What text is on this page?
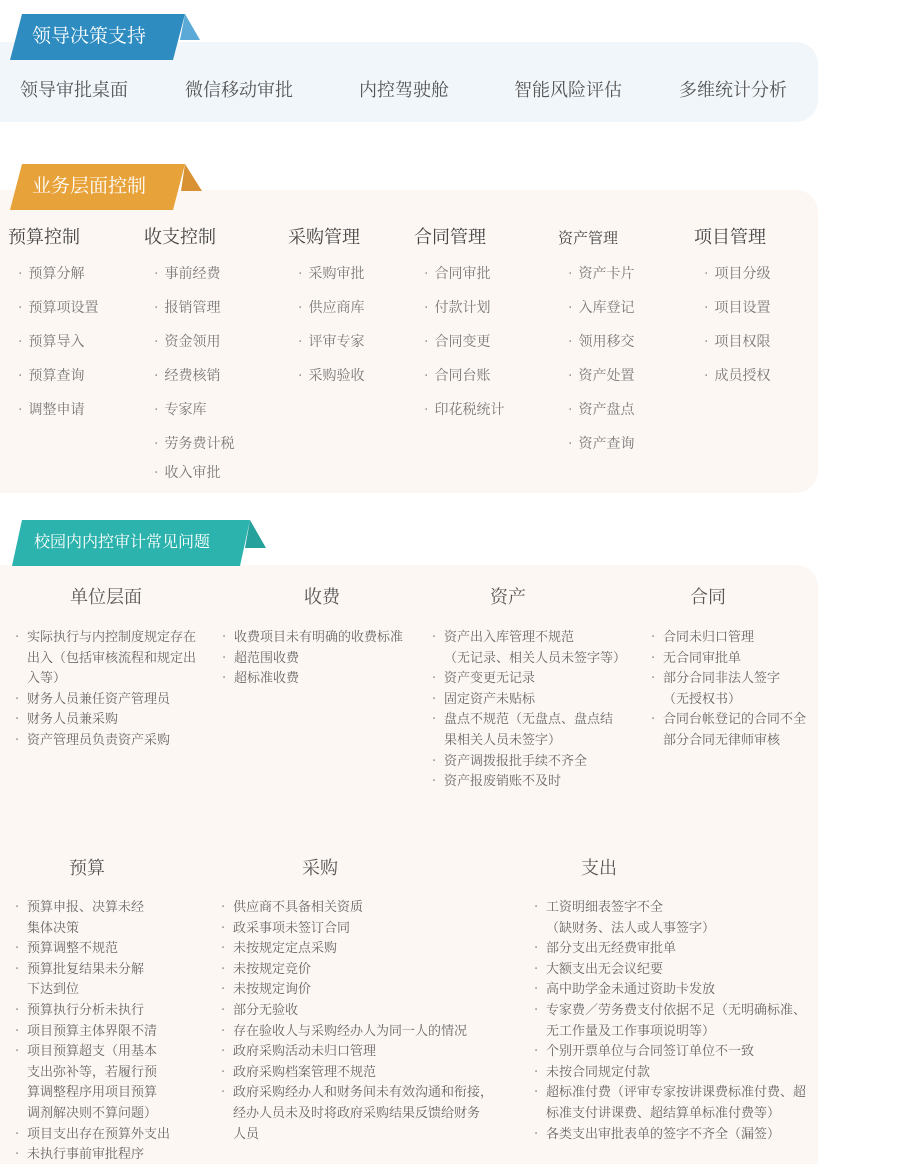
领导决策支持
领导审批桌面	微信移动审批	内控驾驶舱	智能风险评估	多维统计分析
业务层面控制
预算控制
· 预算分解
· 预算项设置
· 预算导入
· 预算查询
· 调整申请
收支控制
· 事前经费
· 报销管理
· 资金领用
· 经费核销
· 专家库
· 劳务费计税
· 收入审批
采购管理
· 采购审批
· 供应商库
· 评审专家
· 采购验收
合同管理
· 合同审批
· 付款计划
· 合同变更
· 合同台账
· 印花税统计
资产管理
· 资产卡片
· 入库登记
· 领用移交
· 资产处置
· 资产盘点
· 资产查询
项目管理
· 项目分级
· 项目设置
· 项目权限
· 成员授权
校园内内控审计常见问题
单位层面	收费	资产	合同
预算	采购	支出
· 实际执行与内控制度规定存在
出入（包括审核流程和规定出
入等）
· 财务人员兼任资产管理员
· 财务人员兼采购
· 资产管理员负责资产采购
· 收费项目未有明确的收费标准
· 超范围收费
· 超标准收费
· 资产出入库管理不规范
（无记录、相关人员未签字等）
· 资产变更无记录
· 固定资产未贴标
· 盘点不规范（无盘点、盘点结
果相关人员未签字）
· 资产调拨报批手续不齐全
· 资产报废销账不及时
· 合同未归口管理
· 无合同审批单
· 部分合同非法人签字
（无授权书）
· 合同台帐登记的合同不全
部分合同无律师审核
· 预算申报、决算未经
集体决策
· 预算调整不规范
· 预算批复结果未分解
下达到位
· 预算执行分析未执行
· 项目预算主体界限不清
· 项目预算超支（用基本
支出弥补等，若履行预
算调整程序用项目预算
调剂解决则不算问题）
· 项目支出存在预算外支出
· 未执行事前审批程序
· 供应商不具备相关资质
· 政采事项未签订合同
· 未按规定定点采购
· 未按规定竞价
· 未按规定询价
· 部分无验收
· 存在验收人与采购经办人为同一人的情况
· 政府采购活动未归口管理
· 政府采购档案管理不规范
· 政府采购经办人和财务间未有效沟通和衔接，
经办人员未及时将政府采购结果反馈给财务
人员
· 工资明细表签字不全
（缺财务、法人或人事签字）
· 部分支出无经费审批单
· 大额支出无会议纪要
· 高中助学金未通过资助卡发放
· 专家费／劳务费支付依据不足（无明确标准、
无工作量及工作事项说明等）
· 个别开票单位与合同签订单位不一致
· 未按合同规定付款
· 超标准付费（评审专家按讲课费标准付费、超
标准支付讲课费、超结算单标准付费等）
· 各类支出审批表单的签字不齐全（漏签）
